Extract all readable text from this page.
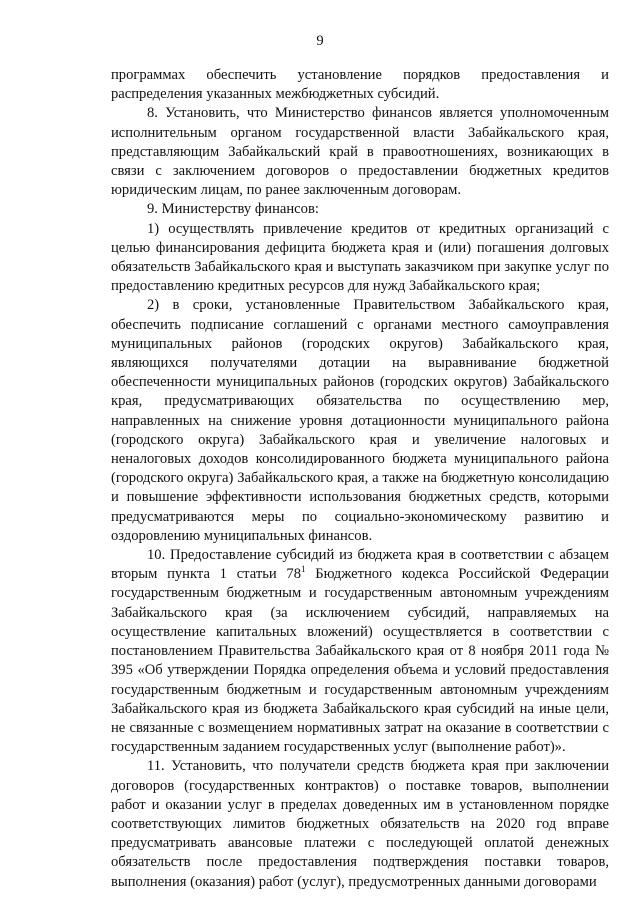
9

программах обеспечить установление порядков предоставления и распределения указанных межбюджетных субсидий.

8. Установить, что Министерство финансов является уполномоченным исполнительным органом государственной власти Забайкальского края, представляющим Забайкальский край в правоотношениях, возникающих в связи с заключением договоров о предоставлении бюджетных кредитов юридическим лицам, по ранее заключенным договорам.

9. Министерству финансов:

1) осуществлять привлечение кредитов от кредитных организаций с целью финансирования дефицита бюджета края и (или) погашения долговых обязательств Забайкальского края и выступать заказчиком при закупке услуг по предоставлению кредитных ресурсов для нужд Забайкальского края;

2) в сроки, установленные Правительством Забайкальского края, обеспечить подписание соглашений с органами местного самоуправления муниципальных районов (городских округов) Забайкальского края, являющихся получателями дотации на выравнивание бюджетной обеспеченности муниципальных районов (городских округов) Забайкальского края, предусматривающих обязательства по осуществлению мер, направленных на снижение уровня дотационности муниципального района (городского округа) Забайкальского края и увеличение налоговых и неналоговых доходов консолидированного бюджета муниципального района (городского округа) Забайкальского края, а также на бюджетную консолидацию и повышение эффективности использования бюджетных средств, которыми предусматриваются меры по социально-экономическому развитию и оздоровлению муниципальных финансов.

10. Предоставление субсидий из бюджета края в соответствии с абзацем вторым пункта 1 статьи 78$^1$ Бюджетного кодекса Российской Федерации государственным бюджетным и государственным автономным учреждениям Забайкальского края (за исключением субсидий, направляемых на осуществление капитальных вложений) осуществляется в соответствии с постановлением Правительства Забайкальского края от 8 ноября 2011 года № 395 «Об утверждении Порядка определения объема и условий предоставления государственным бюджетным и государственным автономным учреждениям Забайкальского края из бюджета Забайкальского края субсидий на иные цели, не связанные с возмещением нормативных затрат на оказание в соответствии с государственным заданием государственных услуг (выполнение работ)».

11. Установить, что получатели средств бюджета края при заключении договоров (государственных контрактов) о поставке товаров, выполнении работ и оказании услуг в пределах доведенных им в установленном порядке соответствующих лимитов бюджетных обязательств на 2020 год вправе предусматривать авансовые платежи с последующей оплатой денежных обязательств после предоставления подтверждения поставки товаров, выполнения (оказания) работ (услуг), предусмотренных данными договорами
